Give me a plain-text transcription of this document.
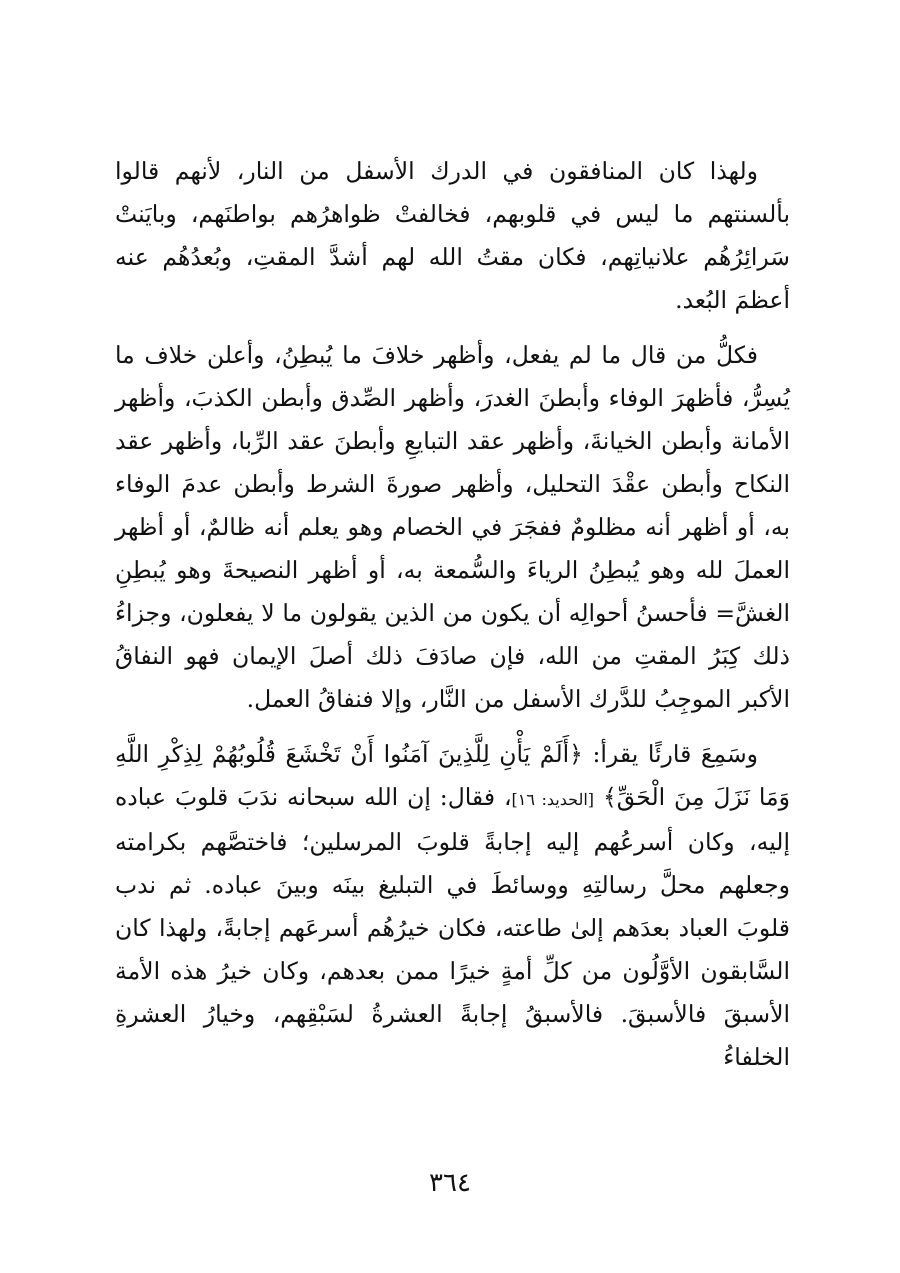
ولهذا كان المنافقون في الدرك الأسفل من النار، لأنهم قالوا بألسنتهم ما ليس في قلوبهم، فخالفتْ ظواهرُهم بواطنَهم، وبايَنتْ سَرائِرُهُم علانياتِهم، فكان مقتُ الله لهم أشدَّ المقتِ، وبُعدُهُم عنه أعظمَ البُعد.

فكلُّ من قال ما لم يفعل، وأظهر خلافَ ما يُبطِنُ، وأعلن خلاف ما يُسِرُّ، فأظهرَ الوفاء وأبطنَ الغدرَ، وأظهر الصِّدق وأبطن الكذبَ، وأظهر الأمانة وأبطن الخيانةَ، وأظهر عقد التبايعِ وأبطنَ عقد الرِّبا، وأظهر عقد النكاح وأبطن عقْدَ التحليل، وأظهر صورةَ الشرط وأبطن عدمَ الوفاء به، أو أظهر أنه مظلومٌ ففجَرَ في الخصام وهو يعلم أنه ظالمٌ، أو أظهر العملَ لله وهو يُبطِنُ الرياءَ والسُّمعة به، أو أظهر النصيحةَ وهو يُبطِنِ الغشَّ= فأحسنُ أحوالِه أن يكون من الذين يقولون ما لا يفعلون، وجزاءُ ذلك كِبَرُ المقتِ من الله، فإن صادَفَ ذلك أصلَ الإيمان فهو النفاقُ الأكبر الموجِبُ للدَّرك الأسفل من النَّار، وإلا فنفاقُ العمل.

وسَمِعَ قارئًا يقرأ: ﴿أَلَمْ يَأْنِ لِلَّذِينَ آمَنُوا أَنْ تَخْشَعَ قُلُوبُهُمْ لِذِكْرِ اللَّهِ وَمَا نَزَلَ مِنَ الْحَقِّ﴾ [الحديد: ١٦]، فقال: إن الله سبحانه ندَبَ قلوبَ عباده إليه، وكان أسرعُهم إليه إجابةً قلوبَ المرسلين؛ فاختصَّهم بكرامته وجعلهم محلَّ رسالتِهِ ووسائطَ في التبليغ بينَه وبينَ عباده. ثم ندب قلوبَ العباد بعدَهم إلىٰ طاعته، فكان خيرُهُم أسرعَهم إجابةً، ولهذا كان السَّابقون الأوَّلُون من كلِّ أمةٍ خيرًا ممن بعدهم، وكان خيرُ هذه الأمة الأسبقَ فالأسبقَ. فالأسبقُ إجابةً العشرةُ لسَبْقِهم، وخيارُ العشرةِ الخلفاءُ

٣٦٤
